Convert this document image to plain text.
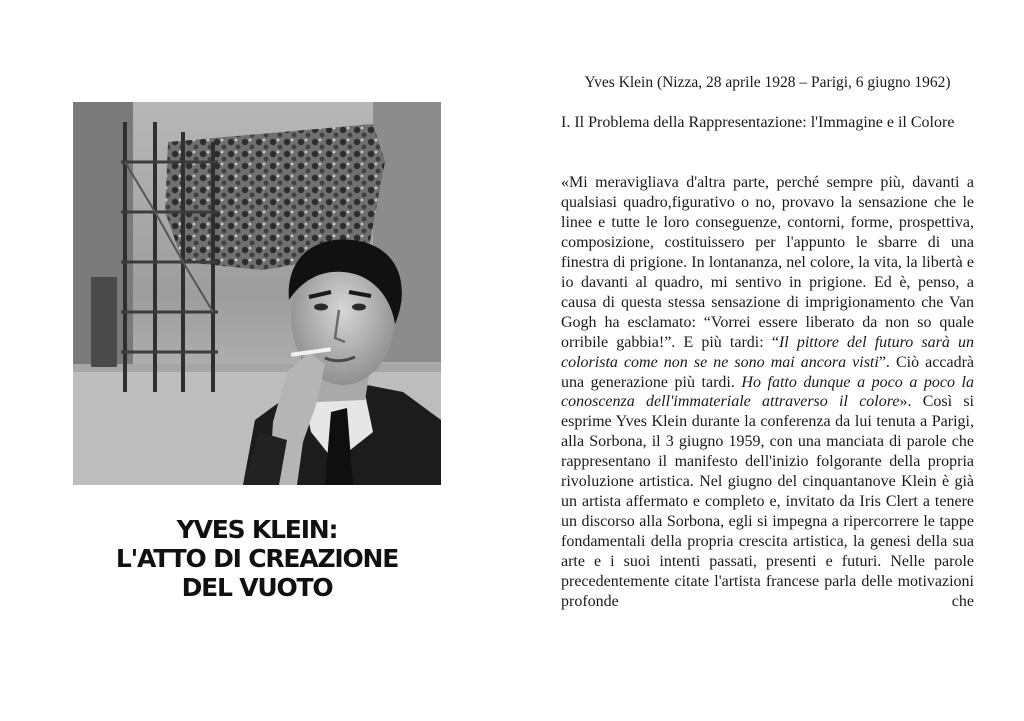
YVES KLEIN:
L'ATTO DI CREAZIONE
DEL VUOTO
Yves Klein (Nizza, 28 aprile 1928 – Parigi, 6 giugno 1962)
I. Il Problema della Rappresentazione: l'Immagine e il Colore

«Mi meravigliava d'altra parte, perché sempre più, davanti a qualsiasi quadro,figurativo o no, provavo la sensazione che le linee e tutte le loro conseguenze, contorni, forme, prospettiva, composizione, costituissero per l'appunto le sbarre di una finestra di prigione. In lontananza, nel colore, la vita, la libertà e io davanti al quadro, mi sentivo in prigione. Ed è, penso, a causa di questa stessa sensazione di imprigionamento che Van Gogh ha esclamato: “Vorrei essere liberato da non so quale orribile gabbia!”. E più tardi: “Il pittore del futuro sarà un colorista come non se ne sono mai ancora visti”. Ciò accadrà una generazione più tardi. Ho fatto dunque a poco a poco la conoscenza dell'immateriale attraverso il colore». Così si esprime Yves Klein durante la conferenza da lui tenuta a Parigi, alla Sorbona, il 3 giugno 1959, con una manciata di parole che rappresentano il manifesto dell'inizio folgorante della propria rivoluzione artistica. Nel giugno del cinquantanove Klein è già un artista affermato e completo e, invitato da Iris Clert a tenere un discorso alla Sorbona, egli si impegna a ripercorrere le tappe fondamentali della propria crescita artistica, la genesi della sua arte e i suoi intenti passati, presenti e futuri. Nelle parole precedentemente citate l'artista francese parla delle motivazioni profonde che
